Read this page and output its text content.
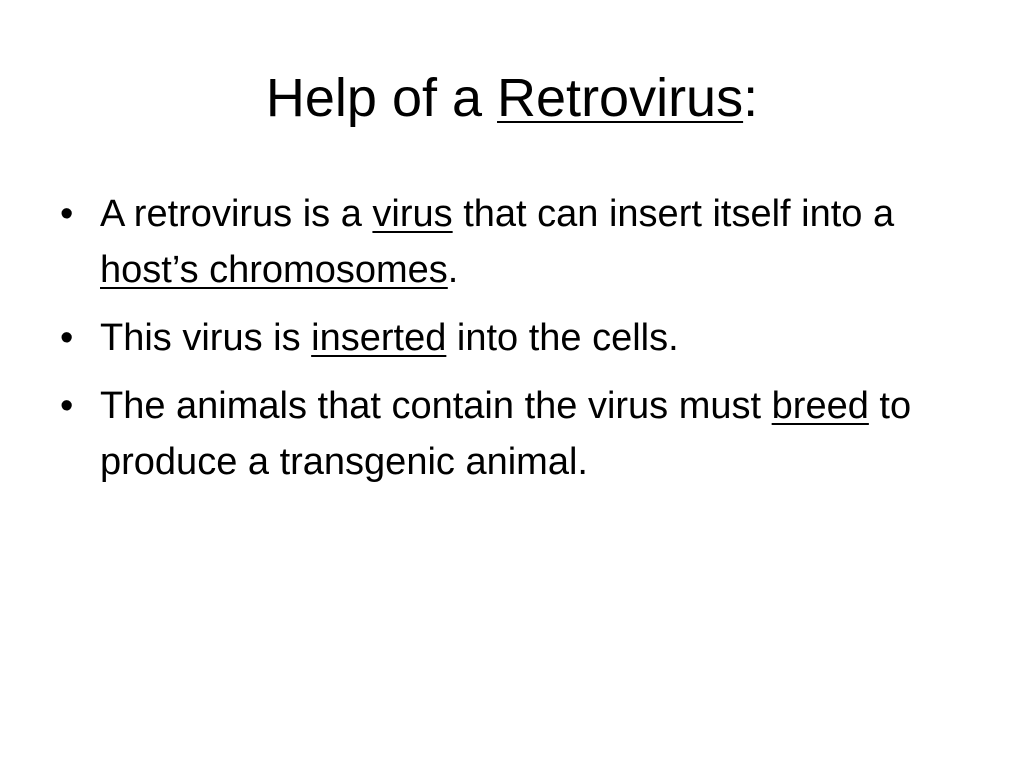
Help of a Retrovirus:
• A retrovirus is a virus that can insert itself into a host’s chromosomes.
• This virus is inserted into the cells.
• The animals that contain the virus must breed to produce a transgenic animal.
